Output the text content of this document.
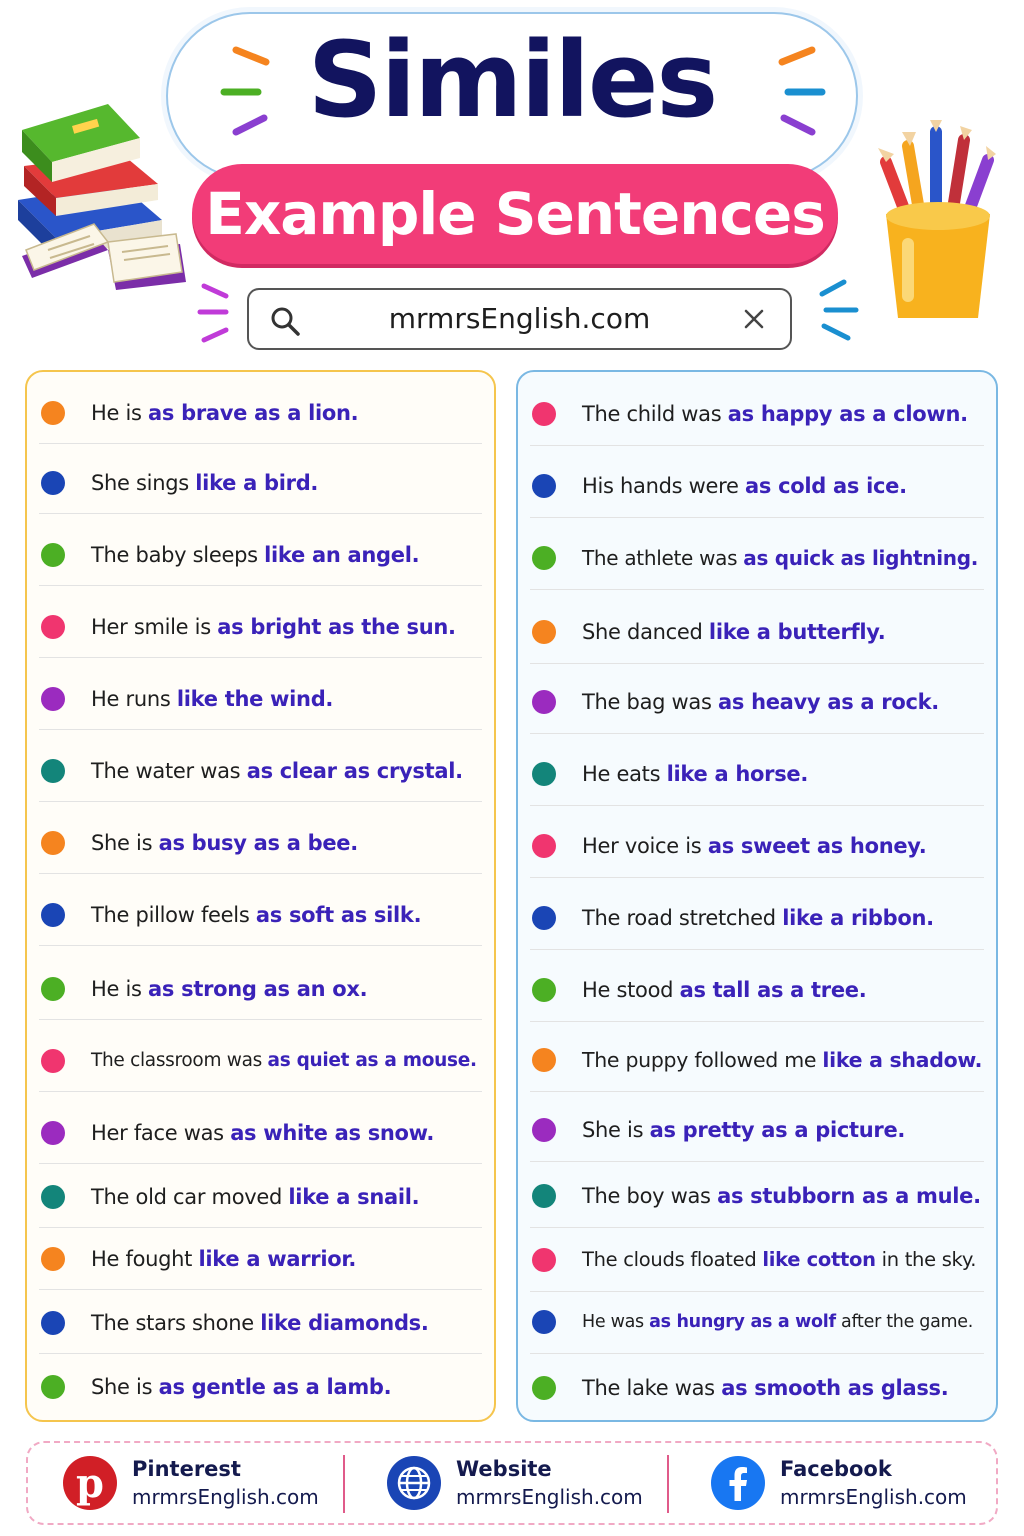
Similes
Example Sentences
mrmrsEnglish.com
He is as brave as a lion.
She sings like a bird.
The baby sleeps like an angel.
Her smile is as bright as the sun.
He runs like the wind.
The water was as clear as crystal.
She is as busy as a bee.
The pillow feels as soft as silk.
He is as strong as an ox.
The classroom was as quiet as a mouse.
Her face was as white as snow.
The old car moved like a snail.
He fought like a warrior.
The stars shone like diamonds.
She is as gentle as a lamb.
The child was as happy as a clown.
His hands were as cold as ice.
The athlete was as quick as lightning.
She danced like a butterfly.
The bag was as heavy as a rock.
He eats like a horse.
Her voice is as sweet as honey.
The road stretched like a ribbon.
He stood as tall as a tree.
The puppy followed me like a shadow.
She is as pretty as a picture.
The boy was as stubborn as a mule.
The clouds floated like cotton in the sky.
He was as hungry as a wolf after the game.
The lake was as smooth as glass.
p Pinterest
mrmrsEnglish.com
Website
mrmrsEnglish.com
Facebook
mrmrsEnglish.com
